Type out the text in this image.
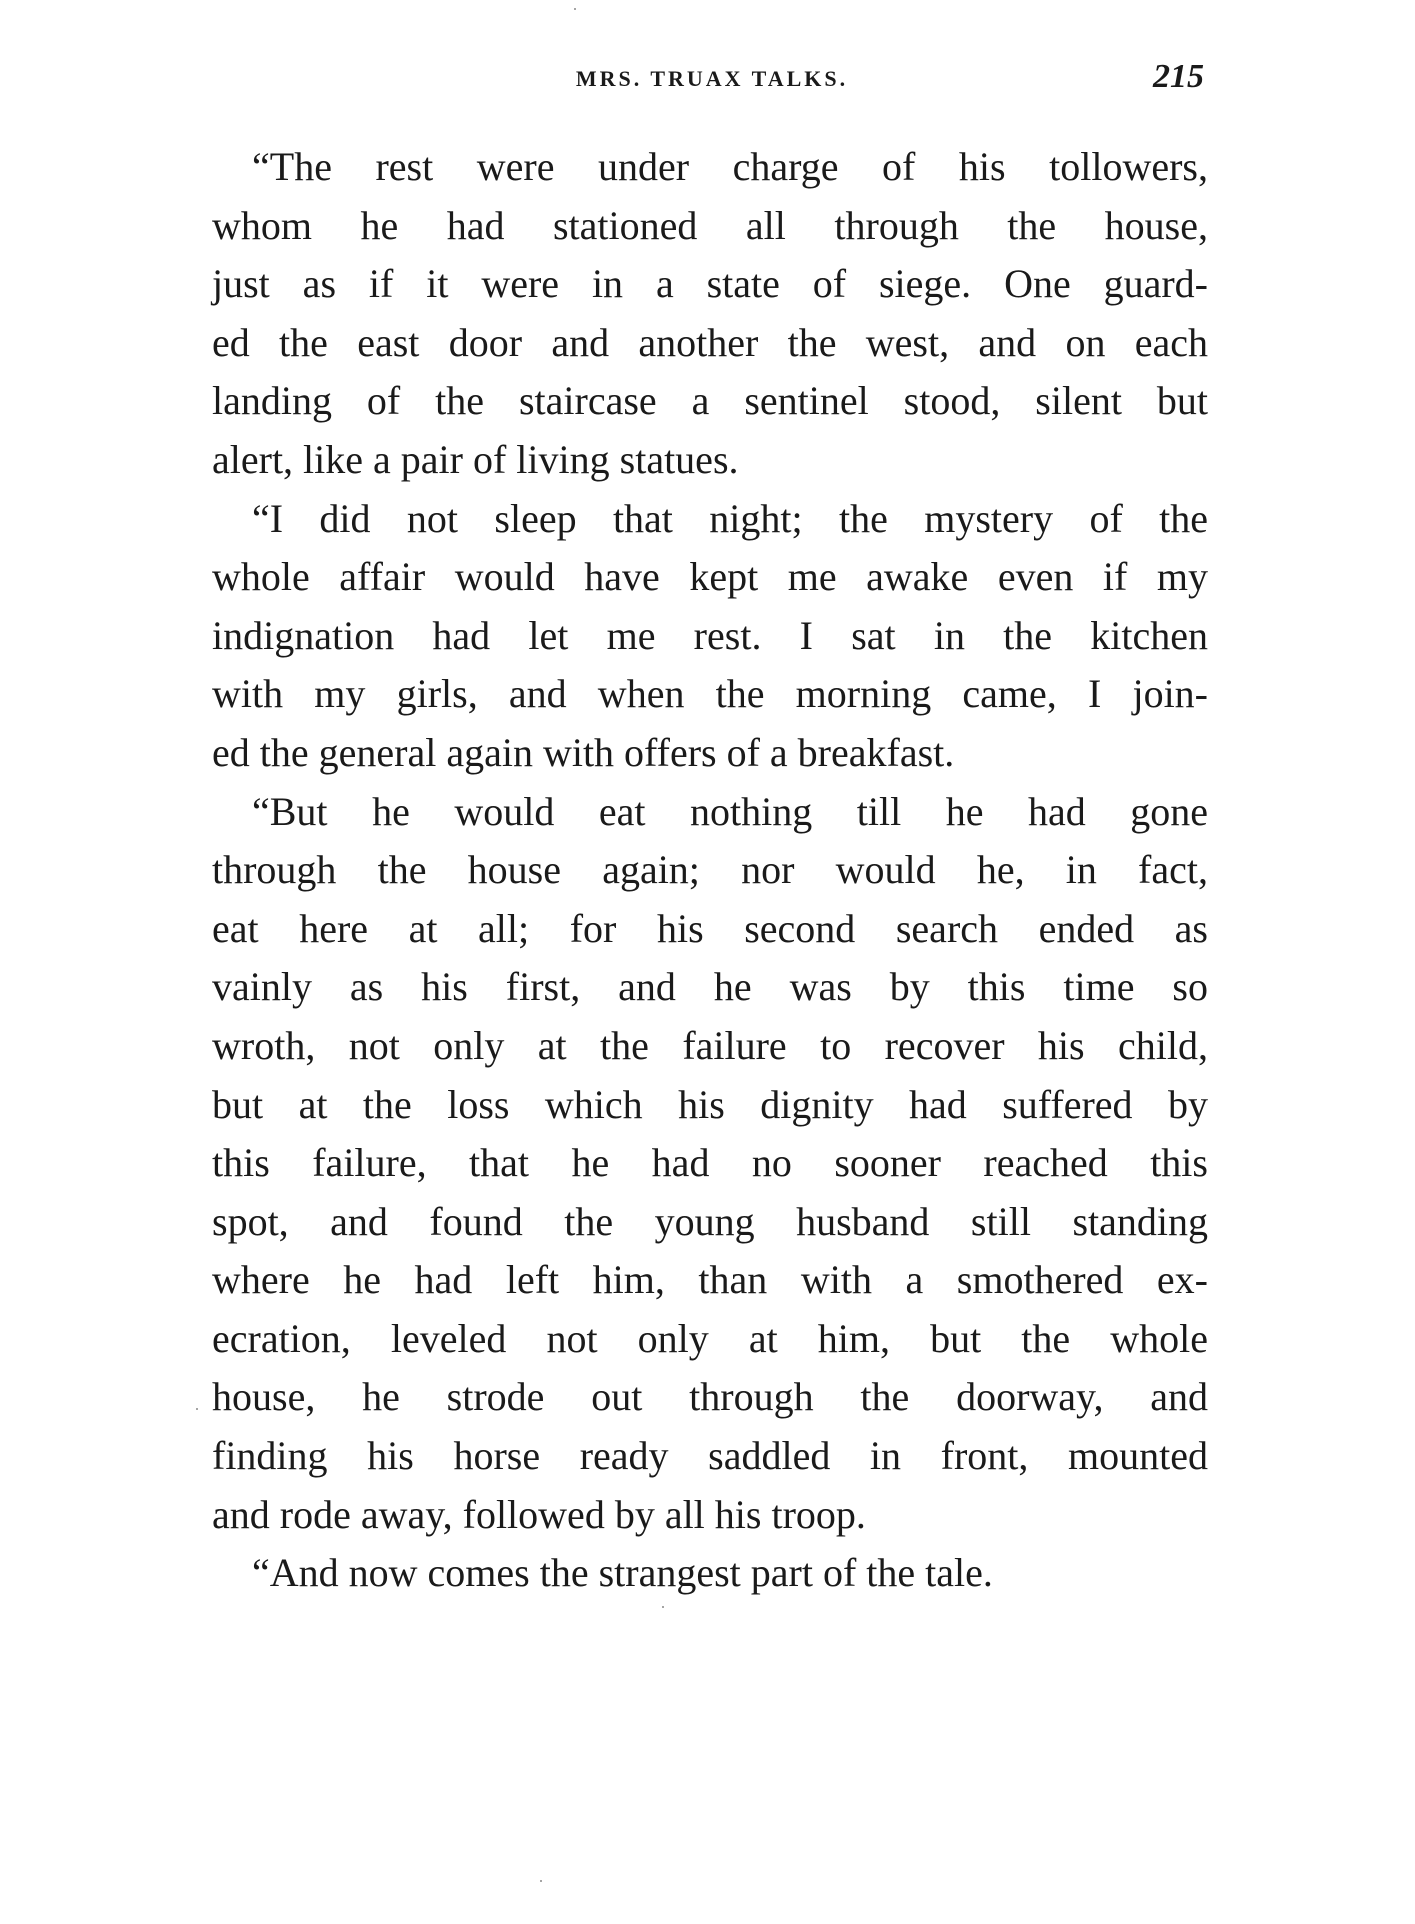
MRS. TRUAX TALKS.	215
“The rest were under charge of his tollowers,
whom he had stationed all through the house,
just as if it were in a state of siege. One guard-
ed the east door and another the west, and on each
landing of the staircase a sentinel stood, silent but
alert, like a pair of living statues.
“I did not sleep that night; the mystery of the
whole affair would have kept me awake even if my
indignation had let me rest. I sat in the kitchen
with my girls, and when the morning came, I join-
ed the general again with offers of a breakfast.
“But he would eat nothing till he had gone
through the house again; nor would he, in fact,
eat here at all; for his second search ended as
vainly as his first, and he was by this time so
wroth, not only at the failure to recover his child,
but at the loss which his dignity had suffered by
this failure, that he had no sooner reached this
spot, and found the young husband still standing
where he had left him, than with a smothered ex-
ecration, leveled not only at him, but the whole
house, he strode out through the doorway, and
finding his horse ready saddled in front, mounted
and rode away, followed by all his troop.
“And now comes the strangest part of the tale.
